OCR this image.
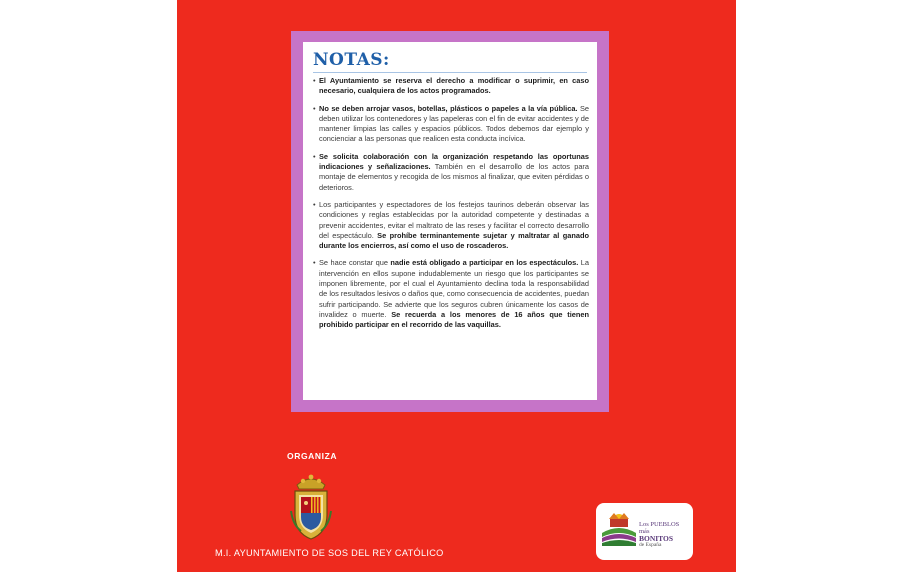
NOTAS:
• El Ayuntamiento se reserva el derecho a modificar o suprimir, en caso necesario, cualquiera de los actos programados.
• No se deben arrojar vasos, botellas, plásticos o papeles a la vía pública. Se deben utilizar los contenedores y las papeleras con el fin de evitar accidentes y de mantener limpias las calles y espacios públicos. Todos debemos dar ejemplo y concienciar a las personas que realicen esta conducta incívica.
• Se solicita colaboración con la organización respetando las oportunas indicaciones y señalizaciones. También en el desarrollo de los actos para montaje de elementos y recogida de los mismos al finalizar, que eviten pérdidas o deterioros.
• Los participantes y espectadores de los festejos taurinos deberán observar las condiciones y reglas establecidas por la autoridad competente y destinadas a prevenir accidentes, evitar el maltrato de las reses y facilitar el correcto desarrollo del espectáculo. Se prohíbe terminantemente sujetar y maltratar al ganado durante los encierros, así como el uso de roscaderos.
• Se hace constar que nadie está obligado a participar en los espectáculos. La intervención en ellos supone indudablemente un riesgo que los participantes se imponen libremente, por el cual el Ayuntamiento declina toda la responsabilidad de los resultados lesivos o daños que, como consecuencia de accidentes, puedan sufrir participando. Se advierte que los seguros cubren únicamente los casos de invalidez o muerte. Se recuerda a los menores de 16 años que tienen prohibido participar en el recorrido de las vaquillas.
ORGANIZA
M.I. AYUNTAMIENTO DE SOS DEL REY CATÓLICO
Los PUEBLOS más
BONITOS
de España
